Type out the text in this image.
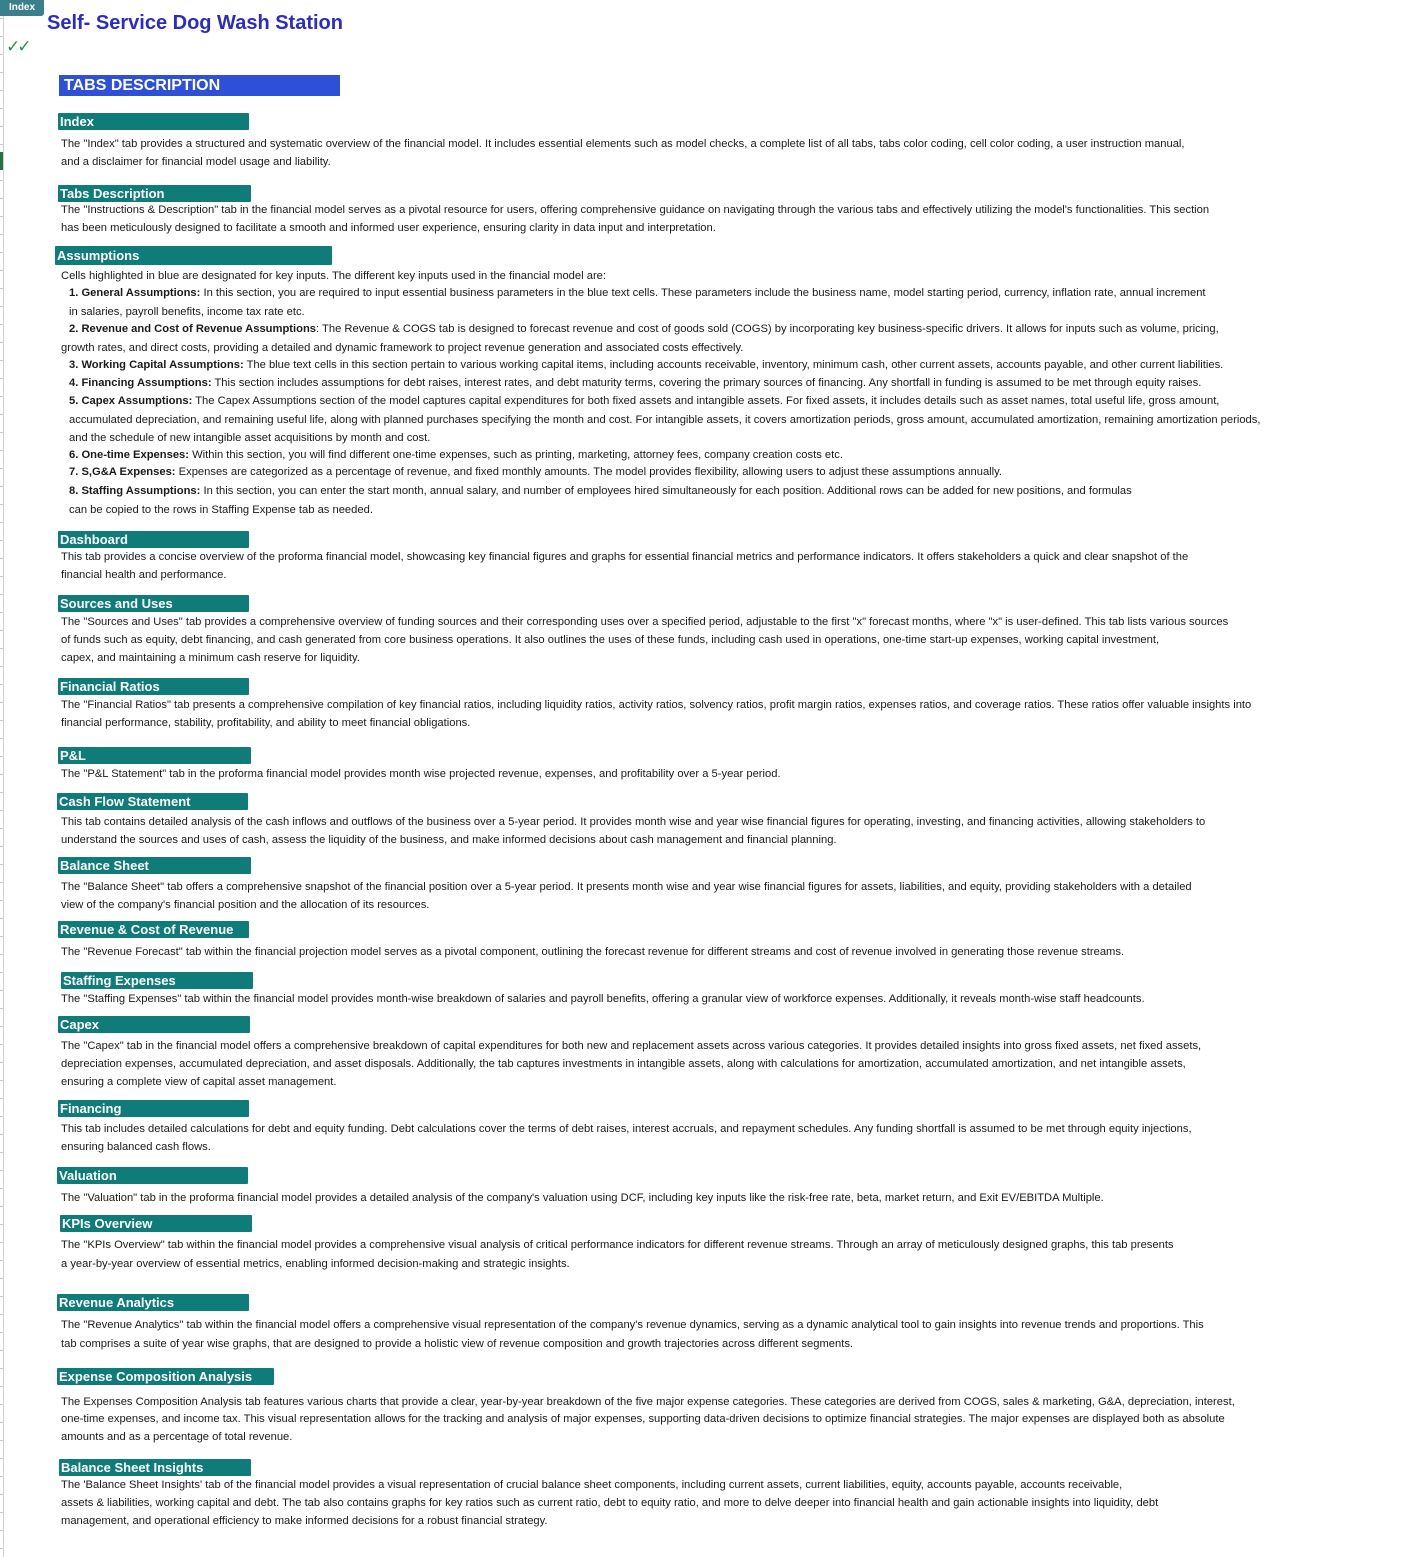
Index
Self- Service Dog Wash Station
✓✓
TABS DESCRIPTION
Index
The "Index" tab provides a structured and systematic overview of the financial model. It includes essential elements such as model checks, a complete list of all tabs, tabs color coding, cell color coding, a user instruction manual,
and a disclaimer for financial model usage and liability.
Tabs Description
The "Instructions & Description" tab in the financial model serves as a pivotal resource for users, offering comprehensive guidance on navigating through the various tabs and effectively utilizing the model's functionalities. This section
has been meticulously designed to facilitate a smooth and informed user experience, ensuring clarity in data input and interpretation.
Assumptions
Cells highlighted in blue are designated for key inputs. The different key inputs used in the financial model are:
1. General Assumptions: In this section, you are required to input essential business parameters in the blue text cells. These parameters include the business name, model starting period, currency, inflation rate, annual increment
in salaries, payroll benefits, income tax rate etc.
2. Revenue and Cost of Revenue Assumptions: The Revenue & COGS tab is designed to forecast revenue and cost of goods sold (COGS) by incorporating key business-specific drivers. It allows for inputs such as volume, pricing,
growth rates, and direct costs, providing a detailed and dynamic framework to project revenue generation and associated costs effectively.
3. Working Capital Assumptions: The blue text cells in this section pertain to various working capital items, including accounts receivable, inventory, minimum cash, other current assets, accounts payable, and other current liabilities.
4. Financing Assumptions: This section includes assumptions for debt raises, interest rates, and debt maturity terms, covering the primary sources of financing. Any shortfall in funding is assumed to be met through equity raises.
5. Capex Assumptions: The Capex Assumptions section of the model captures capital expenditures for both fixed assets and intangible assets. For fixed assets, it includes details such as asset names, total useful life, gross amount,
accumulated depreciation, and remaining useful life, along with planned purchases specifying the month and cost. For intangible assets, it covers amortization periods, gross amount, accumulated amortization, remaining amortization periods,
and the schedule of new intangible asset acquisitions by month and cost.
6. One-time Expenses: Within this section, you will find different one-time expenses, such as printing, marketing, attorney fees, company creation costs etc.
7. S,G&A Expenses: Expenses are categorized as a percentage of revenue, and fixed monthly amounts. The model provides flexibility, allowing users to adjust these assumptions annually.
8. Staffing Assumptions: In this section, you can enter the start month, annual salary, and number of employees hired simultaneously for each position. Additional rows can be added for new positions, and formulas
can be copied to the rows in Staffing Expense tab as needed.
Dashboard
This tab provides a concise overview of the proforma financial model, showcasing key financial figures and graphs for essential financial metrics and performance indicators. It offers stakeholders a quick and clear snapshot of the
financial health and performance.
Sources and Uses
The "Sources and Uses" tab provides a comprehensive overview of funding sources and their corresponding uses over a specified period, adjustable to the first "x" forecast months, where "x" is user-defined. This tab lists various sources
of funds such as equity, debt financing, and cash generated from core business operations. It also outlines the uses of these funds, including cash used in operations, one-time start-up expenses, working capital investment,
capex, and maintaining a minimum cash reserve for liquidity.
Financial Ratios
The "Financial Ratios" tab presents a comprehensive compilation of key financial ratios, including liquidity ratios, activity ratios, solvency ratios, profit margin ratios, expenses ratios, and coverage ratios. These ratios offer valuable insights into
financial performance, stability, profitability, and ability to meet financial obligations.
P&L
The "P&L Statement" tab in the proforma financial model provides month wise projected revenue, expenses, and profitability over a 5-year period.
Cash Flow Statement
This tab contains detailed analysis of the cash inflows and outflows of the business over a 5-year period. It provides month wise and year wise financial figures for operating, investing, and financing activities, allowing stakeholders to
understand the sources and uses of cash, assess the liquidity of the business, and make informed decisions about cash management and financial planning.
Balance Sheet
The "Balance Sheet" tab offers a comprehensive snapshot of the financial position over a 5-year period. It presents month wise and year wise financial figures for assets, liabilities, and equity, providing stakeholders with a detailed
view of the company's financial position and the allocation of its resources.
Revenue & Cost of Revenue
The "Revenue Forecast" tab within the financial projection model serves as a pivotal component, outlining the forecast revenue for different streams and cost of revenue involved in generating those revenue streams.
Staffing Expenses
The "Staffing Expenses" tab within the financial model provides month-wise breakdown of salaries and payroll benefits, offering a granular view of workforce expenses. Additionally, it reveals month-wise staff headcounts.
Capex
The "Capex" tab in the financial model offers a comprehensive breakdown of capital expenditures for both new and replacement assets across various categories. It provides detailed insights into gross fixed assets, net fixed assets,
depreciation expenses, accumulated depreciation, and asset disposals. Additionally, the tab captures investments in intangible assets, along with calculations for amortization, accumulated amortization, and net intangible assets,
ensuring a complete view of capital asset management.
Financing
This tab includes detailed calculations for debt and equity funding. Debt calculations cover the terms of debt raises, interest accruals, and repayment schedules. Any funding shortfall is assumed to be met through equity injections,
ensuring balanced cash flows.
Valuation
The "Valuation" tab in the proforma financial model provides a detailed analysis of the company's valuation using DCF, including key inputs like the risk-free rate, beta, market return, and Exit EV/EBITDA Multiple.
KPIs Overview
The "KPIs Overview" tab within the financial model provides a comprehensive visual analysis of critical performance indicators for different revenue streams. Through an array of meticulously designed graphs, this tab presents
a year-by-year overview of essential metrics, enabling informed decision-making and strategic insights.
Revenue Analytics
The "Revenue Analytics" tab within the financial model offers a comprehensive visual representation of the company's revenue dynamics, serving as a dynamic analytical tool to gain insights into revenue trends and proportions. This
tab comprises a suite of year wise graphs, that are designed to provide a holistic view of revenue composition and growth trajectories across different segments.
Expense Composition Analysis
The Expenses Composition Analysis tab features various charts that provide a clear, year-by-year breakdown of the five major expense categories. These categories are derived from COGS, sales & marketing, G&A, depreciation, interest,
one-time expenses, and income tax. This visual representation allows for the tracking and analysis of major expenses, supporting data-driven decisions to optimize financial strategies. The major expenses are displayed both as absolute
amounts and as a percentage of total revenue.
Balance Sheet Insights
The 'Balance Sheet Insights' tab of the financial model provides a visual representation of crucial balance sheet components, including current assets, current liabilities, equity, accounts payable, accounts receivable,
assets & liabilities, working capital and debt. The tab also contains graphs for key ratios such as current ratio, debt to equity ratio, and more to delve deeper into financial health and gain actionable insights into liquidity, debt
management, and operational efficiency to make informed decisions for a robust financial strategy.
